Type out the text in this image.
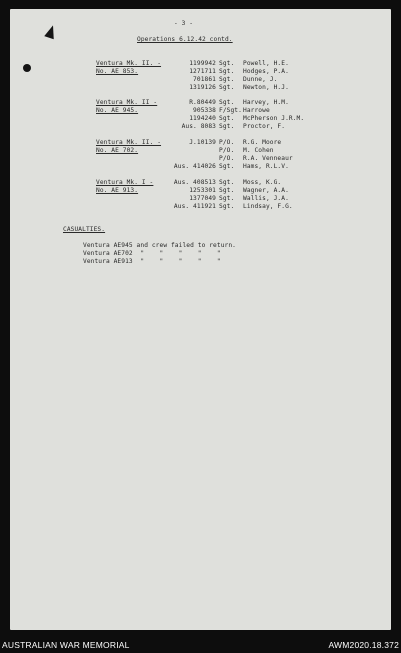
- 3 -
Operations 6.12.42 contd.
Ventura Mk. II. -
No. AE 853.
1199942 Sgt. Powell, H.E.
1271711 Sgt. Hodges, P.A.
701861 Sgt. Dunne, J.
1319126 Sgt. Newton, H.J.
Ventura Mk. II -
No. AE 945.
R.80449 Sgt. Harvey, H.M.
905338 F/Sgt. Harrowe
1194240 Sgt. McPherson J.R.M.
Aus. 8083 Sgt. Proctor, F.
Ventura Mk. II. -
No. AE 702.
J.10139 P/O. R.G. Moore
P/O. M. Cohen
P/O. R.A. Venneaur
Aus. 414026 Sgt. Hams, R.L.V.
Ventura Mk. I -
No. AE 913.
Aus. 408513 Sgt. Moss, K.G.
1253301 Sgt. Wagner, A.A.
1377049 Sgt. Wallis, J.A.
Aus. 411921 Sgt. Lindsay, F.G.
CASUALTIES.
Ventura AE945 and crew failed to return.
Ventura AE702  "    "    "    "    "
Ventura AE913  "    "    "    "    "
AUSTRALIAN WAR MEMORIAL	AWM2020.18.372
